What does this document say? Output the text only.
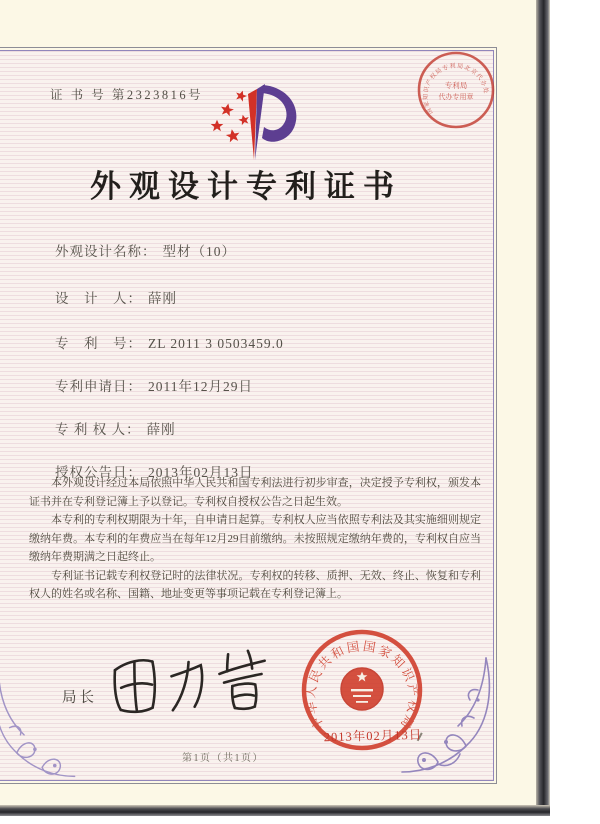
证 书 号 第2323816号
外观设计专利证书
外观设计名称： 型材（10）
设　计　人： 薛刚
专　利　号： ZL 2011 3 0503459.0
专利申请日： 2011年12月29日
专 利 权 人： 薛刚
授权公告日： 2013年02月13日

本外观设计经过本局依照中华人民共和国专利法进行初步审查，决定授予专利权，颁发本证书并在专利登记簿上予以登记。专利权自授权公告之日起生效。

本专利的专利权期限为十年，自申请日起算。专利权人应当依照专利法及其实施细则规定缴纳年费。本专利的年费应当在每年12月29日前缴纳。未按照规定缴纳年费的，专利权自应当缴纳年费期满之日起终止。

专利证书记载专利权登记时的法律状况。专利权的转移、质押、无效、终止、恢复和专利权人的姓名或名称、国籍、地址变更等事项记载在专利登记簿上。

局长
中华人民共和国国家知识产权局
2013年02月13日
国家知识产权局专利局北京代办处
专利局
代办专用章
第1页（共1页）
